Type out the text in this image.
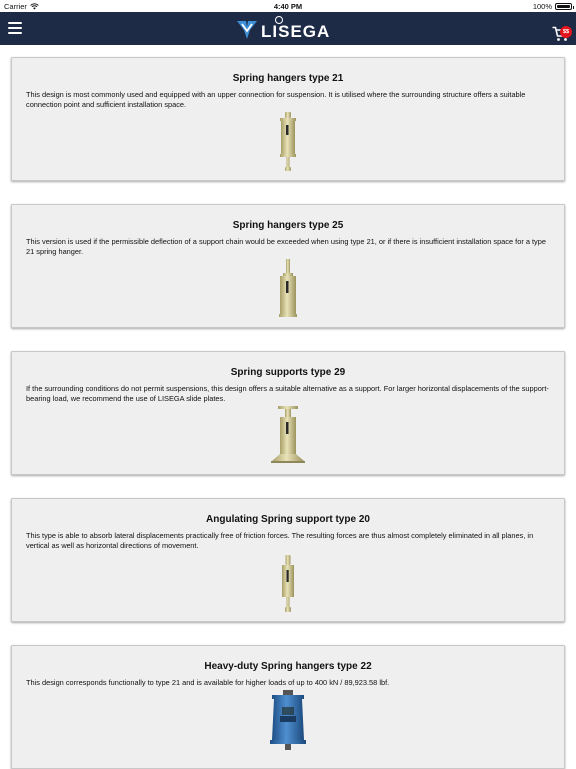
Carrier	4:40 PM	100%
LISEGA	$$
Spring hangers type 21

This design is most commonly used and equipped with an upper connection for suspension. It is utilised where the surrounding structure offers a suitable connection point and sufficient installation space.

Spring hangers type 25

This version is used if the permissible deflection of a support chain would be exceeded when using type 21, or if there is insufficient installation space for a type 21 spring hanger.

Spring supports type 29

If the surrounding conditions do not permit suspensions, this design offers a suitable alternative as a support. For larger horizontal displacements of the support-bearing load, we recommend the use of LISEGA slide plates.

Angulating Spring support type 20

This type is able to absorb lateral displacements practically free of friction forces. The resulting forces are thus almost completely eliminated in all planes, in vertical as well as horizontal directions of movement.

Heavy-duty Spring hangers type 22

This design corresponds functionally to type 21 and is available for higher loads of up to 400 kN / 89,923.58 lbf.
